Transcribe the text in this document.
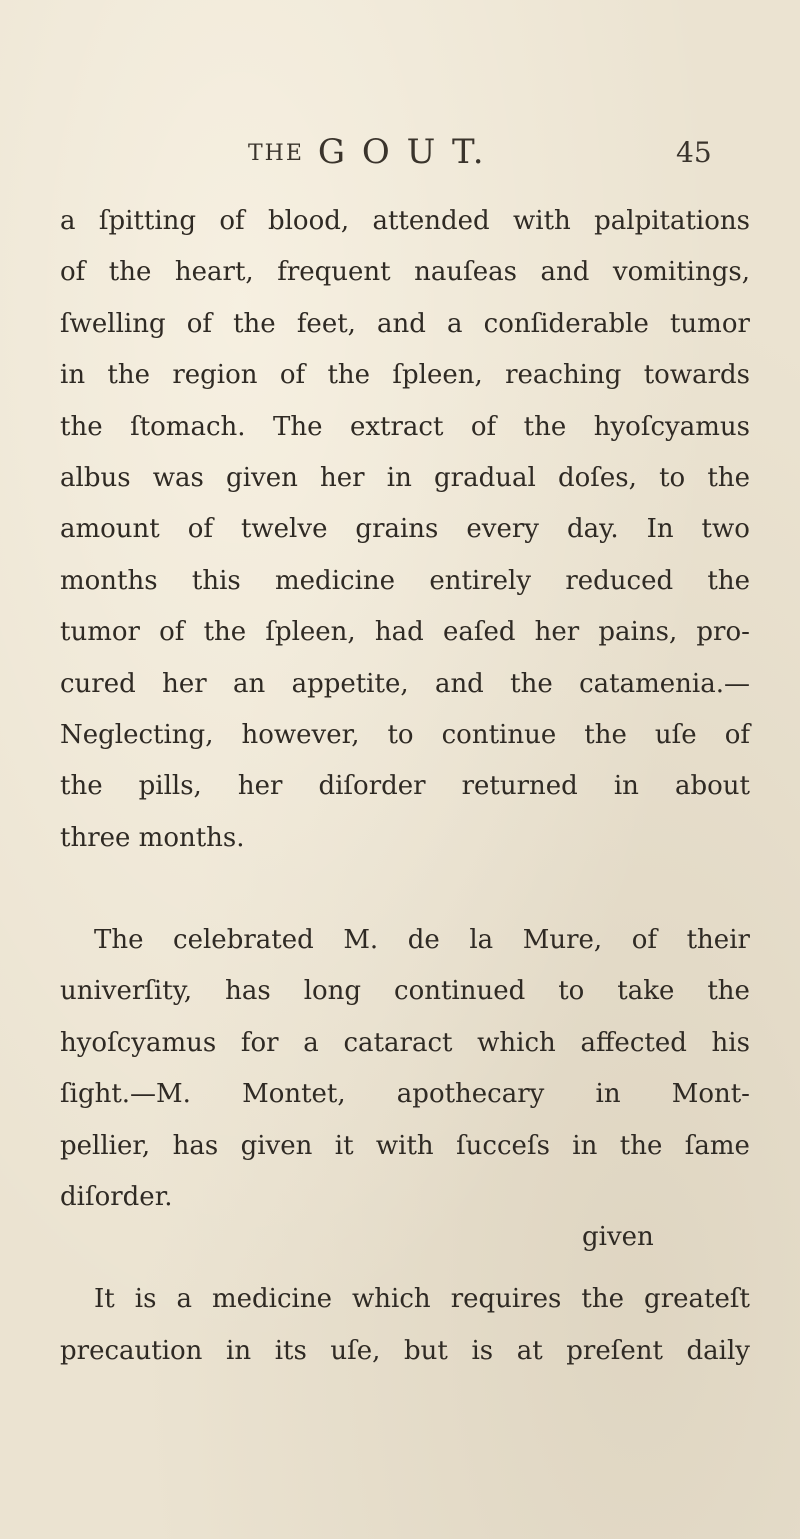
THE G O U T.	45
a ſpitting of blood, attended with palpitations
of the heart, frequent nauſeas and vomitings,
ſwelling of the feet, and a conſiderable tumor
in the region of the ſpleen, reaching towards
the ſtomach. The extract of the hyoſcyamus
albus was given her in gradual doſes, to the
amount of twelve grains every day. In two
months this medicine entirely reduced the
tumor of the ſpleen, had eaſed her pains, pro-
cured her an appetite, and the catamenia.—
Neglecting, however, to continue the uſe of
the pills, her diſorder returned in about
three months.
The celebrated M. de la Mure, of their
univerſity, has long continued to take the
hyoſcyamus for a cataract which affected his
ſight.—M. Montet, apothecary in Mont-
pellier, has given it with ſucceſs in the ſame
diſorder.
It is a medicine which requires the greateſt
precaution in its uſe, but is at preſent daily
given
